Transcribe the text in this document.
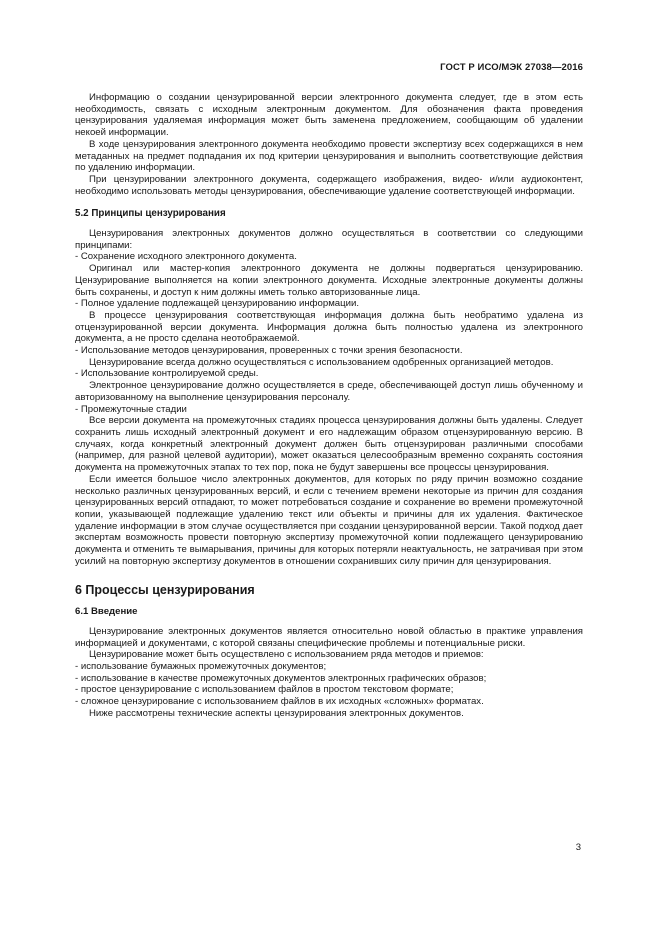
ГОСТ Р ИСО/МЭК 27038—2016

Информацию о создании цензурированной версии электронного документа следует, где в этом есть необходимость, связать с исходным электронным документом. Для обозначения факта проведения цензурирования удаляемая информация может быть заменена предложением, сообщающим об удалении некоей информации.

В ходе цензурирования электронного документа необходимо провести экспертизу всех содержащихся в нем метаданных на предмет подпадания их под критерии цензурирования и выполнить соответствующие действия по удалению информации.

При цензурировании электронного документа, содержащего изображения, видео- и/или аудиоконтент, необходимо использовать методы цензурирования, обеспечивающие удаление соответствующей информации.

5.2 Принципы цензурирования

Цензурирования электронных документов должно осуществляться в соответствии со следующими принципами:

- Сохранение исходного электронного документа.

Оригинал или мастер-копия электронного документа не должны подвергаться цензурированию. Цензурирование выполняется на копии электронного документа. Исходные электронные документы должны быть сохранены, и доступ к ним должны иметь только авторизованные лица.

- Полное удаление подлежащей цензурированию информации.

В процессе цензурирования соответствующая информация должна быть необратимо удалена из отцензурированной версии документа. Информация должна быть полностью удалена из электронного документа, а не просто сделана неотображаемой.

- Использование методов цензурирования, проверенных с точки зрения безопасности.

Цензурирование всегда должно осуществляться с использованием одобренных организацией методов.

- Использование контролируемой среды.

Электронное цензурирование должно осуществляется в среде, обеспечивающей доступ лишь обученному и авторизованному на выполнение цензурирования персоналу.

- Промежуточные стадии

Все версии документа на промежуточных стадиях процесса цензурирования должны быть удалены. Следует сохранить лишь исходный электронный документ и его надлежащим образом отцензурированную версию. В случаях, когда конкретный электронный документ должен быть отцензурирован различными способами (например, для разной целевой аудитории), может оказаться целесообразным временно сохранять состояния документа на промежуточных этапах то тех пор, пока не будут завершены все процессы цензурирования.

Если имеется большое число электронных документов, для которых по ряду причин возможно создание несколько различных цензурированных версий, и если с течением времени некоторые из причин для создания цензурированных версий отпадают, то может потребоваться создание и сохранение во времени промежуточной копии, указывающей подлежащие удалению текст или объекты и причины для их удаления. Фактическое удаление информации в этом случае осуществляется при создании цензурированной версии. Такой подход дает экспертам возможность провести повторную экспертизу промежуточной копии подлежащего цензурированию документа и отменить те вымарывания, причины для которых потеряли неактуальность, не затрачивая при этом усилий на повторную экспертизу документов в отношении сохранивших силу причин для цензурирования.

6 Процессы цензурирования
6.1 Введение

Цензурирование электронных документов является относительно новой областью в практике управления информацией и документами, с которой связаны специфические проблемы и потенциальные риски.

Цензурирование может быть осуществлено с использованием ряда методов и приемов:

- использование бумажных промежуточных документов;

- использование в качестве промежуточных документов электронных графических образов;

- простое цензурирование с использованием файлов в простом текстовом формате;

- сложное цензурирование с использованием файлов в их исходных «сложных» форматах.

Ниже рассмотрены технические аспекты цензурирования электронных документов.

3
